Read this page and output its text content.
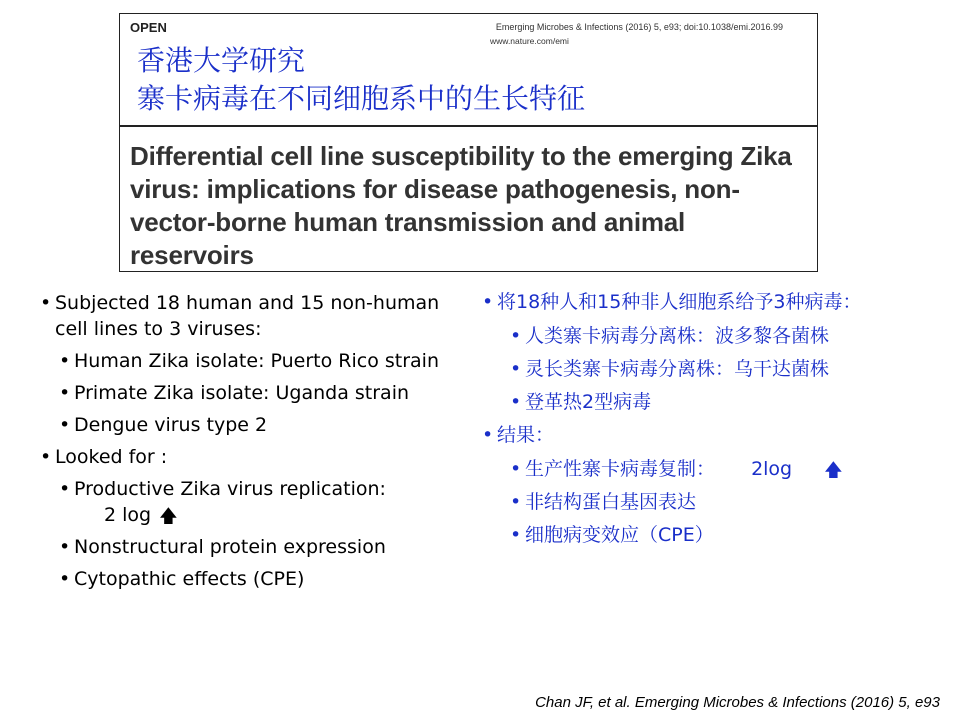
OPEN	Emerging Microbes & Infections (2016) 5, e93; doi:10.1038/emi.2016.99
www.nature.com/emi
香港大学研究
寨卡病毒在不同细胞系中的生长特征
Differential cell line susceptibility to the emerging Zika virus: implications for disease pathogenesis, non-vector-borne human transmission and animal reservoirs
• Subjected 18 human and 15 non-human cell lines to 3 viruses:
• Human Zika isolate: Puerto Rico strain
• Primate Zika isolate: Uganda strain
• Dengue virus type 2
• Looked for :
• Productive Zika virus replication: 2 log 🡅
• Nonstructural protein expression
• Cytopathic effects (CPE)
• 将18种人和15种非人细胞系给予3种病毒：
• 人类寨卡病毒分离株：波多黎各菌株
• 灵长类寨卡病毒分离株：乌干达菌株
• 登革热2型病毒
• 结果：
• 生产性寨卡病毒复制： 2log 🡅
• 非结构蛋白基因表达
• 细胞病变效应（CPE）
Chan JF, et al. Emerging Microbes & Infections (2016) 5, e93
